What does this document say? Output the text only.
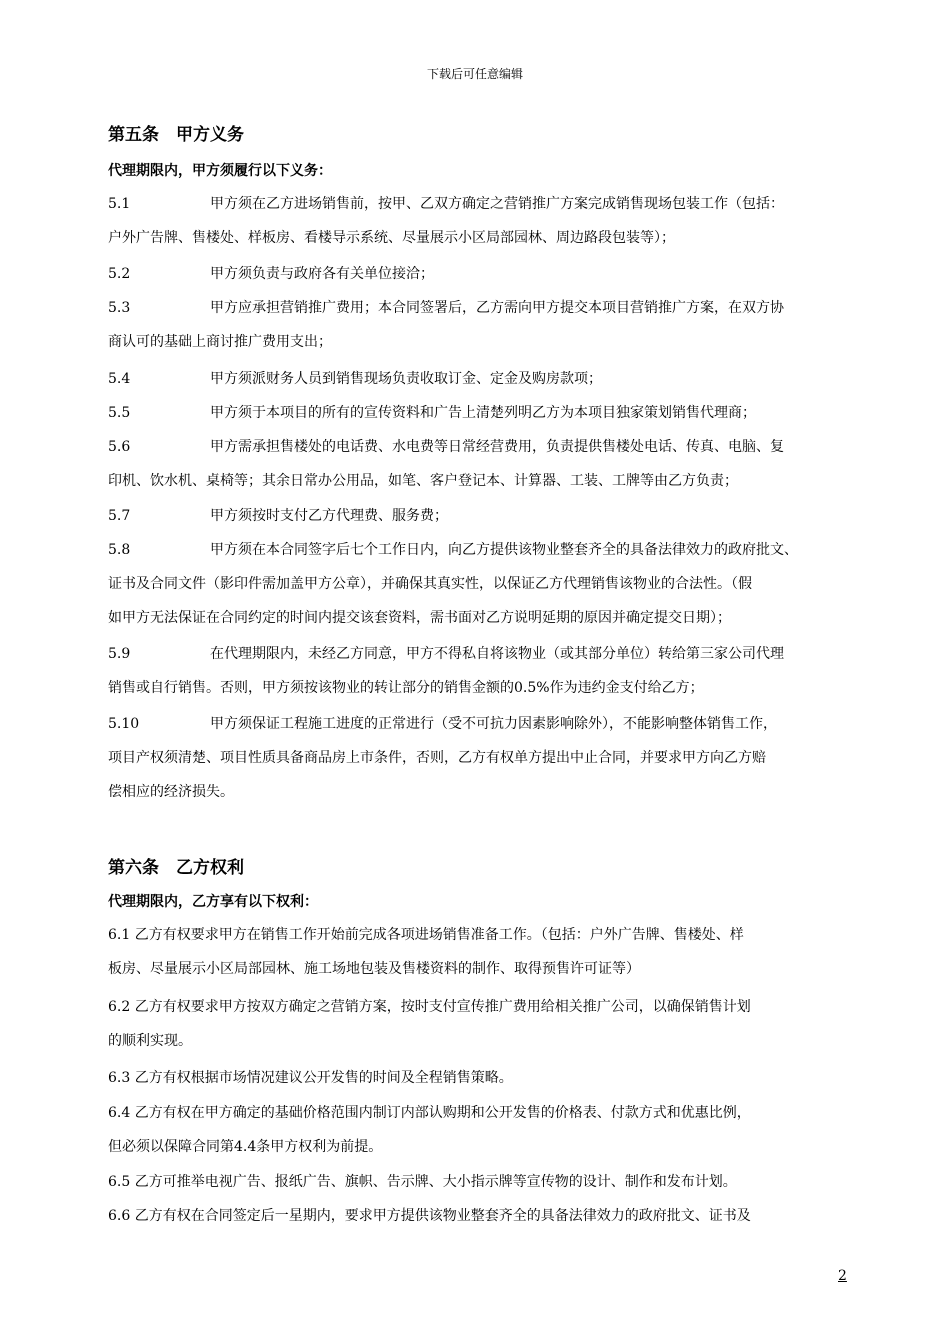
下载后可任意编辑
第五条　甲方义务
代理期限内，甲方须履行以下义务：
5.1	甲方须在乙方进场销售前，按甲、乙双方确定之营销推广方案完成销售现场包装工作（包括：
户外广告牌、售楼处、样板房、看楼导示系统、尽量展示小区局部园林、周边路段包装等）；
5.2	甲方须负责与政府各有关单位接洽；
5.3	甲方应承担营销推广费用；本合同签署后，乙方需向甲方提交本项目营销推广方案，在双方协
商认可的基础上商讨推广费用支出；
5.4	甲方须派财务人员到销售现场负责收取订金、定金及购房款项；
5.5	甲方须于本项目的所有的宣传资料和广告上清楚列明乙方为本项目独家策划销售代理商；
5.6	甲方需承担售楼处的电话费、水电费等日常经营费用，负责提供售楼处电话、传真、电脑、复
印机、饮水机、桌椅等；其余日常办公用品，如笔、客户登记本、计算器、工装、工牌等由乙方负责；
5.7	甲方须按时支付乙方代理费、服务费；
5.8	甲方须在本合同签字后七个工作日内，向乙方提供该物业整套齐全的具备法律效力的政府批文、
证书及合同文件（影印件需加盖甲方公章），并确保其真实性，以保证乙方代理销售该物业的合法性。（假
如甲方无法保证在合同约定的时间内提交该套资料，需书面对乙方说明延期的原因并确定提交日期）；
5.9	在代理期限内，未经乙方同意，甲方不得私自将该物业（或其部分单位）转给第三家公司代理
销售或自行销售。否则，甲方须按该物业的转让部分的销售金额的0.5%作为违约金支付给乙方；
5.10	甲方须保证工程施工进度的正常进行（受不可抗力因素影响除外），不能影响整体销售工作，
项目产权须清楚、项目性质具备商品房上市条件，否则，乙方有权单方提出中止合同，并要求甲方向乙方赔
偿相应的经济损失。
第六条　乙方权利
代理期限内，乙方享有以下权利：
6.1 乙方有权要求甲方在销售工作开始前完成各项进场销售准备工作。（包括：户外广告牌、售楼处、样
板房、尽量展示小区局部园林、施工场地包装及售楼资料的制作、取得预售许可证等）
6.2 乙方有权要求甲方按双方确定之营销方案，按时支付宣传推广费用给相关推广公司，以确保销售计划
的顺利实现。
6.3 乙方有权根据市场情况建议公开发售的时间及全程销售策略。
6.4 乙方有权在甲方确定的基础价格范围内制订内部认购期和公开发售的价格表、付款方式和优惠比例，
但必须以保障合同第4.4条甲方权利为前提。
6.5 乙方可推举电视广告、报纸广告、旗帜、告示牌、大小指示牌等宣传物的设计、制作和发布计划。
6.6 乙方有权在合同签定后一星期内，要求甲方提供该物业整套齐全的具备法律效力的政府批文、证书及
2
